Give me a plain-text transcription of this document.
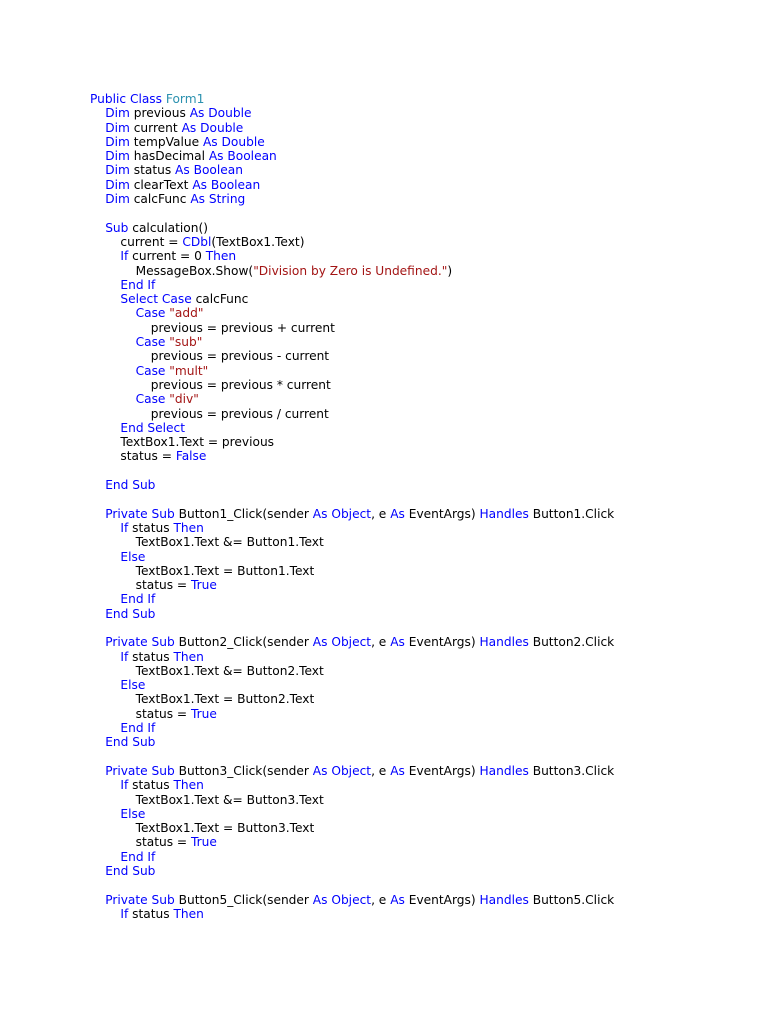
Public Class Form1
Dim previous As Double
Dim current As Double
Dim tempValue As Double
Dim hasDecimal As Boolean
Dim status As Boolean
Dim clearText As Boolean
Dim calcFunc As String
Sub calculation()
current = CDbl(TextBox1.Text)
If current = 0 Then
MessageBox.Show("Division by Zero is Undefined.")
End If
Select Case calcFunc
Case "add"
previous = previous + current
Case "sub"
previous = previous - current
Case "mult"
previous = previous * current
Case "div"
previous = previous / current
End Select
TextBox1.Text = previous
status = False
End Sub
Private Sub Button1_Click(sender As Object, e As EventArgs) Handles Button1.Click
If status Then
TextBox1.Text &= Button1.Text
Else
TextBox1.Text = Button1.Text
status = True
End If
End Sub
Private Sub Button2_Click(sender As Object, e As EventArgs) Handles Button2.Click
If status Then
TextBox1.Text &= Button2.Text
Else
TextBox1.Text = Button2.Text
status = True
End If
End Sub
Private Sub Button3_Click(sender As Object, e As EventArgs) Handles Button3.Click
If status Then
TextBox1.Text &= Button3.Text
Else
TextBox1.Text = Button3.Text
status = True
End If
End Sub
Private Sub Button5_Click(sender As Object, e As EventArgs) Handles Button5.Click
If status Then
